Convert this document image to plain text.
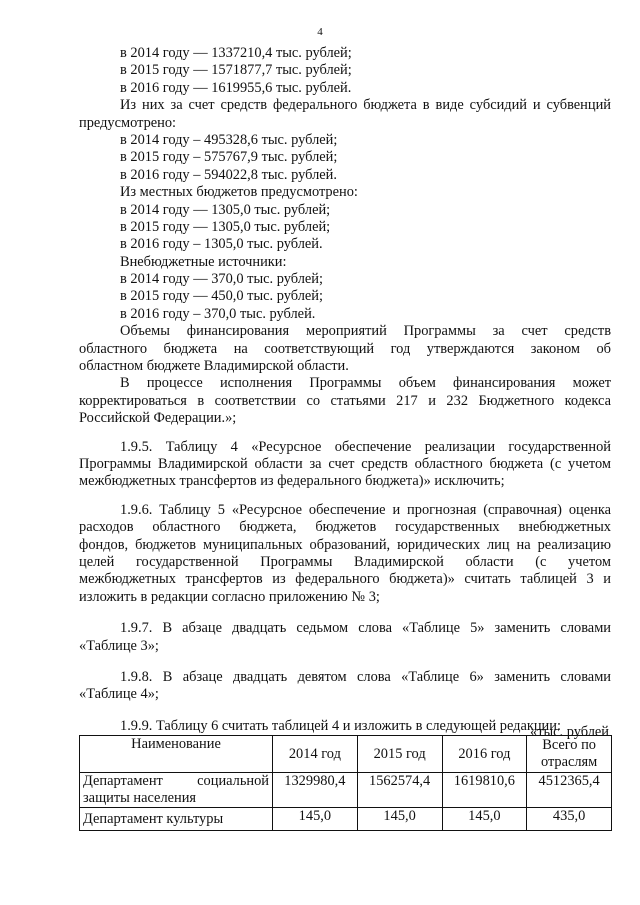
4
в 2014 году — 1337210,4 тыс. рублей;
в 2015 году — 1571877,7 тыс. рублей;
в 2016 году — 1619955,6 тыс. рублей.
Из них за счет средств федерального бюджета в виде субсидий и субвенций
предусмотрено:
в 2014 году – 495328,6 тыс. рублей;
в 2015 году – 575767,9 тыс. рублей;
в 2016 году – 594022,8 тыс. рублей.
Из местных бюджетов предусмотрено:
в 2014 году — 1305,0 тыс. рублей;
в 2015 году — 1305,0 тыс. рублей;
в 2016 году – 1305,0 тыс. рублей.
Внебюджетные источники:
в 2014 году — 370,0 тыс. рублей;
в 2015 году — 450,0 тыс. рублей;
в 2016 году – 370,0 тыс. рублей.
Объемы финансирования мероприятий Программы за счет средств
областного бюджета на соответствующий год утверждаются законом об
областном бюджете Владимирской области.
В процессе исполнения Программы объем финансирования может
корректироваться в соответствии со статьями 217 и 232 Бюджетного кодекса
Российской Федерации.»;
1.9.5. Таблицу 4 «Ресурсное обеспечение реализации государственной
Программы Владимирской области за счет средств областного бюджета (с учетом
межбюджетных трансфертов из федерального бюджета)» исключить;
1.9.6. Таблицу 5 «Ресурсное обеспечение и прогнозная (справочная) оценка
расходов областного бюджета, бюджетов государственных внебюджетных
фондов, бюджетов муниципальных образований, юридических лиц на реализацию
целей государственной Программы Владимирской области (с учетом
межбюджетных трансфертов из федерального бюджета)» считать таблицей 3 и
изложить в редакции согласно приложению № 3;
1.9.7. В абзаце двадцать седьмом слова «Таблице 5» заменить словами
«Таблице 3»;
1.9.8. В абзаце двадцать девятом слова «Таблице 6» заменить словами
«Таблице 4»;
1.9.9. Таблицу 6 считать таблицей 4 и изложить в следующей редакции:
«тыс. рублей
Наименование	2014 год	2015 год	2016 год	Всего по
отраслям

Департамент социальной
защиты населения	1329980,4	1562574,4	1619810,6	4512365,4
Департамент культуры	145,0	145,0	145,0	435,0
